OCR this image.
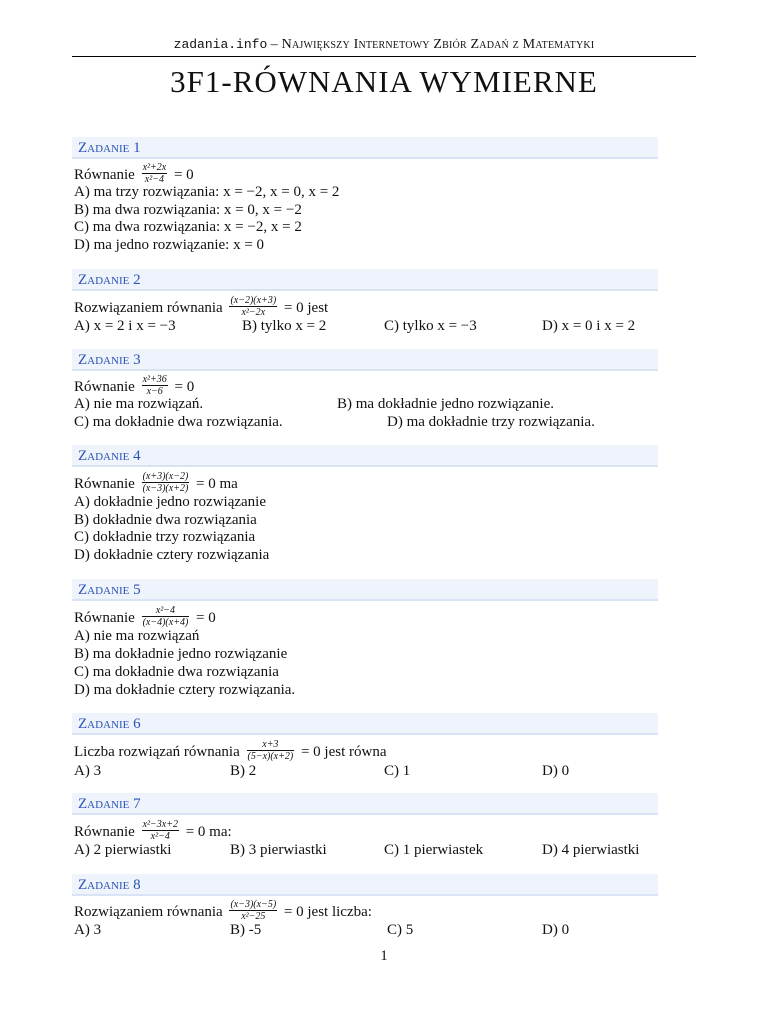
zadania.info – Największy Internetowy Zbiór Zadań z Matematyki
3F1-RÓWNANIA WYMIERNE
Zadanie 1
Równanie $\frac{\text{x²+2x}}{\text{x²−4}} = 0$
A) ma trzy rozwiązania: x = −2, x = 0, x = 2
B) ma dwa rozwiązania: x = 0, x = −2
C) ma dwa rozwiązania: x = −2, x = 2
D) ma jedno rozwiązanie: x = 0
Zadanie 2
Rozwiązaniem równania $\frac{(x-2)(x+3)}{\text{x²−2x}} = 0$ jest
A) x = 2 i x = −3	B) tylko x = 2	C) tylko x = −3	D) x = 0 i x = 2
Zadanie 3
Równanie $\frac{\text{x²+36}}{x-6} = 0$
A) nie ma rozwiązań.	B) ma dokładnie jedno rozwiązanie.
C) ma dokładnie dwa rozwiązania.	D) ma dokładnie trzy rozwiązania.
Zadanie 4
Równanie $\frac{(x+3)(x-2)}{(x-3)(x+2)} = 0$ ma
A) dokładnie jedno rozwiązanie
B) dokładnie dwa rozwiązania
C) dokładnie trzy rozwiązania
D) dokładnie cztery rozwiązania
Zadanie 5
Równanie $\frac{\text{x²−4}}{(x-4)(x+4)} = 0$
A) nie ma rozwiązań
B) ma dokładnie jedno rozwiązanie
C) ma dokładnie dwa rozwiązania
D) ma dokładnie cztery rozwiązania.
Zadanie 6
Liczba rozwiązań równania $\frac{x+3}{(5-x)(x+2)} = 0$ jest równa
A) 3	B) 2	C) 1	D) 0
Zadanie 7
Równanie $\frac{\text{x²−3x+2}}{\text{x²−4}} = 0$ ma:
A) 2 pierwiastki	B) 3 pierwiastki	C) 1 pierwiastek	D) 4 pierwiastki
Zadanie 8
Rozwiązaniem równania $\frac{(x-3)(x-5)}{\text{x²−25}} = 0$ jest liczba:
A) 3	B) -5	C) 5	D) 0
1
